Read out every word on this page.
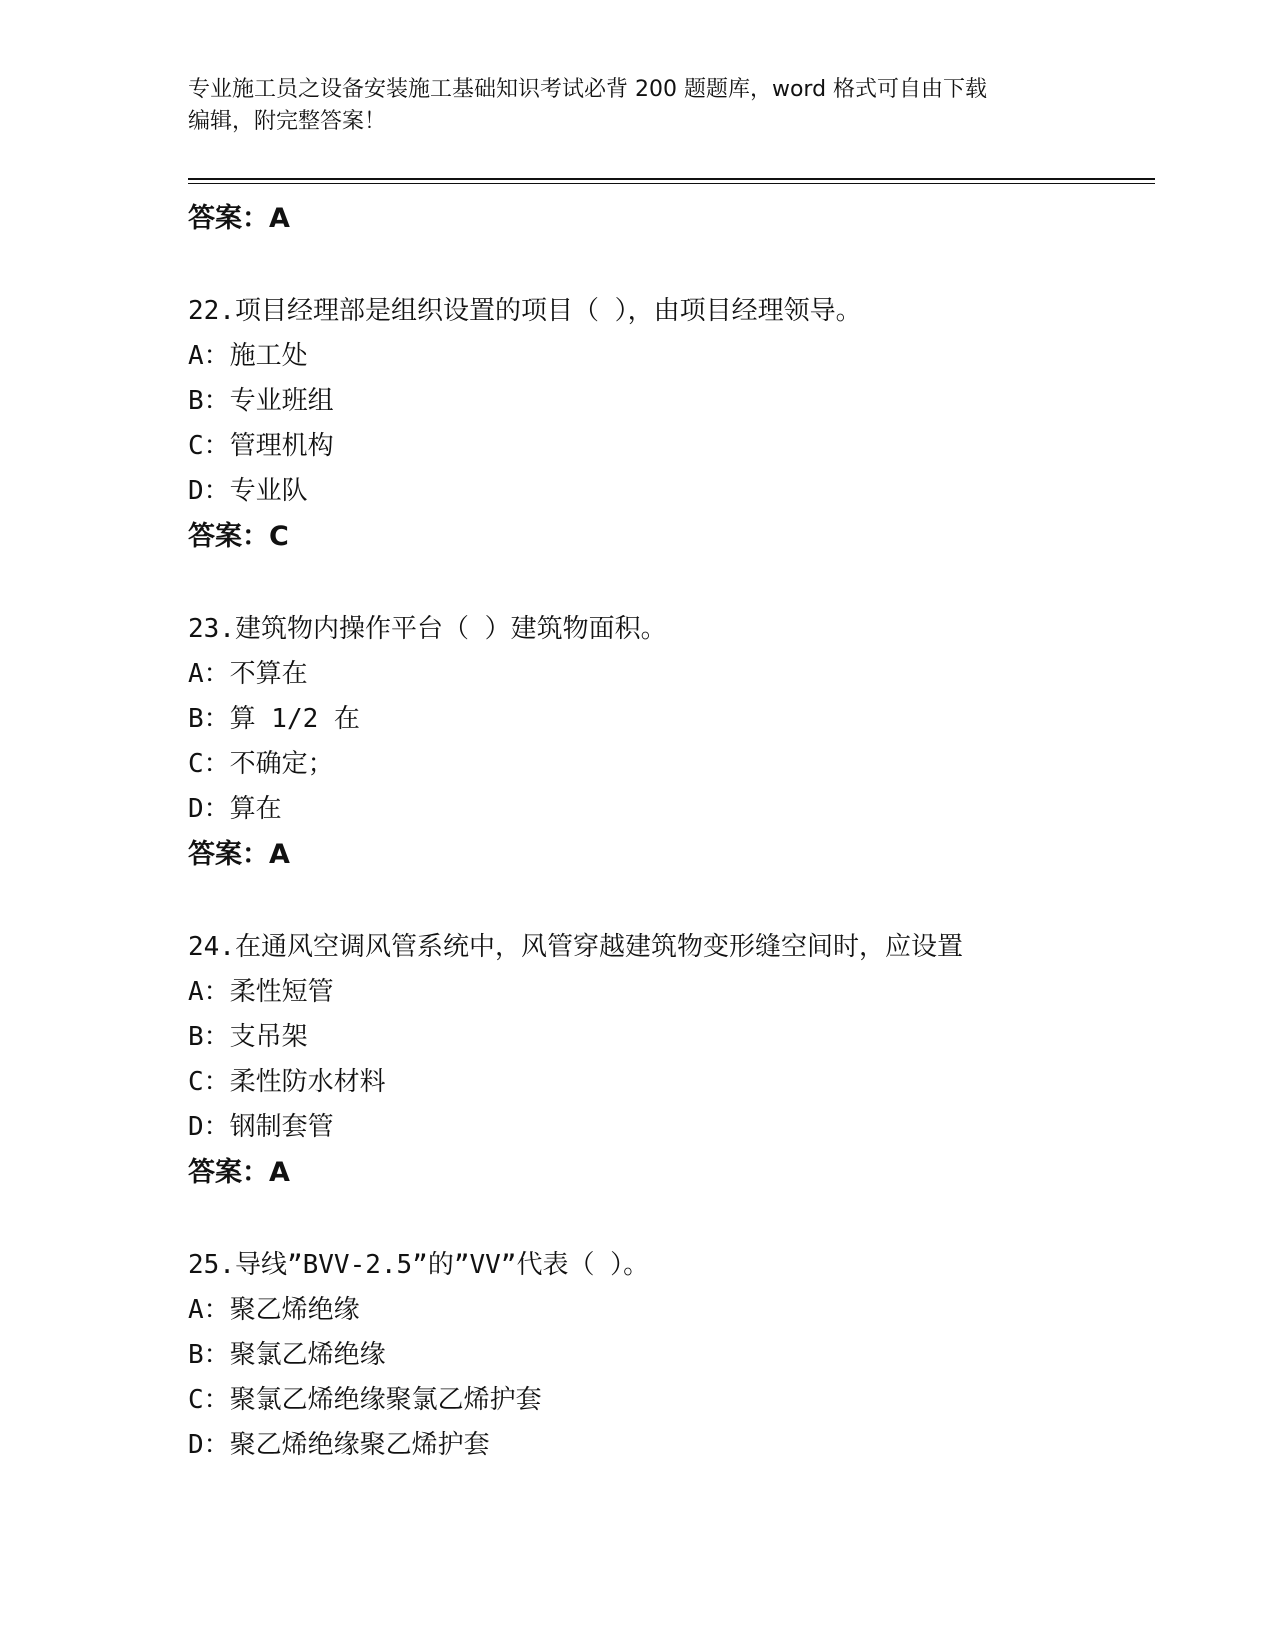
专业施工员之设备安装施工基础知识考试必背 200 题题库，word 格式可自由下载
编辑，附完整答案！
答案：A
22.项目经理部是组织设置的项目（ ），由项目经理领导。
A：施工处
B：专业班组
C：管理机构
D：专业队
答案：C
23.建筑物内操作平台（ ）建筑物面积。
A：不算在
B：算 1/2 在
C：不确定；
D：算在
答案：A
24.在通风空调风管系统中，风管穿越建筑物变形缝空间时，应设置
A：柔性短管
B：支吊架
C：柔性防水材料
D：钢制套管
答案：A
25.导线”BVV-2.5”的”VV”代表（ ）。
A：聚乙烯绝缘
B：聚氯乙烯绝缘
C：聚氯乙烯绝缘聚氯乙烯护套
D：聚乙烯绝缘聚乙烯护套
